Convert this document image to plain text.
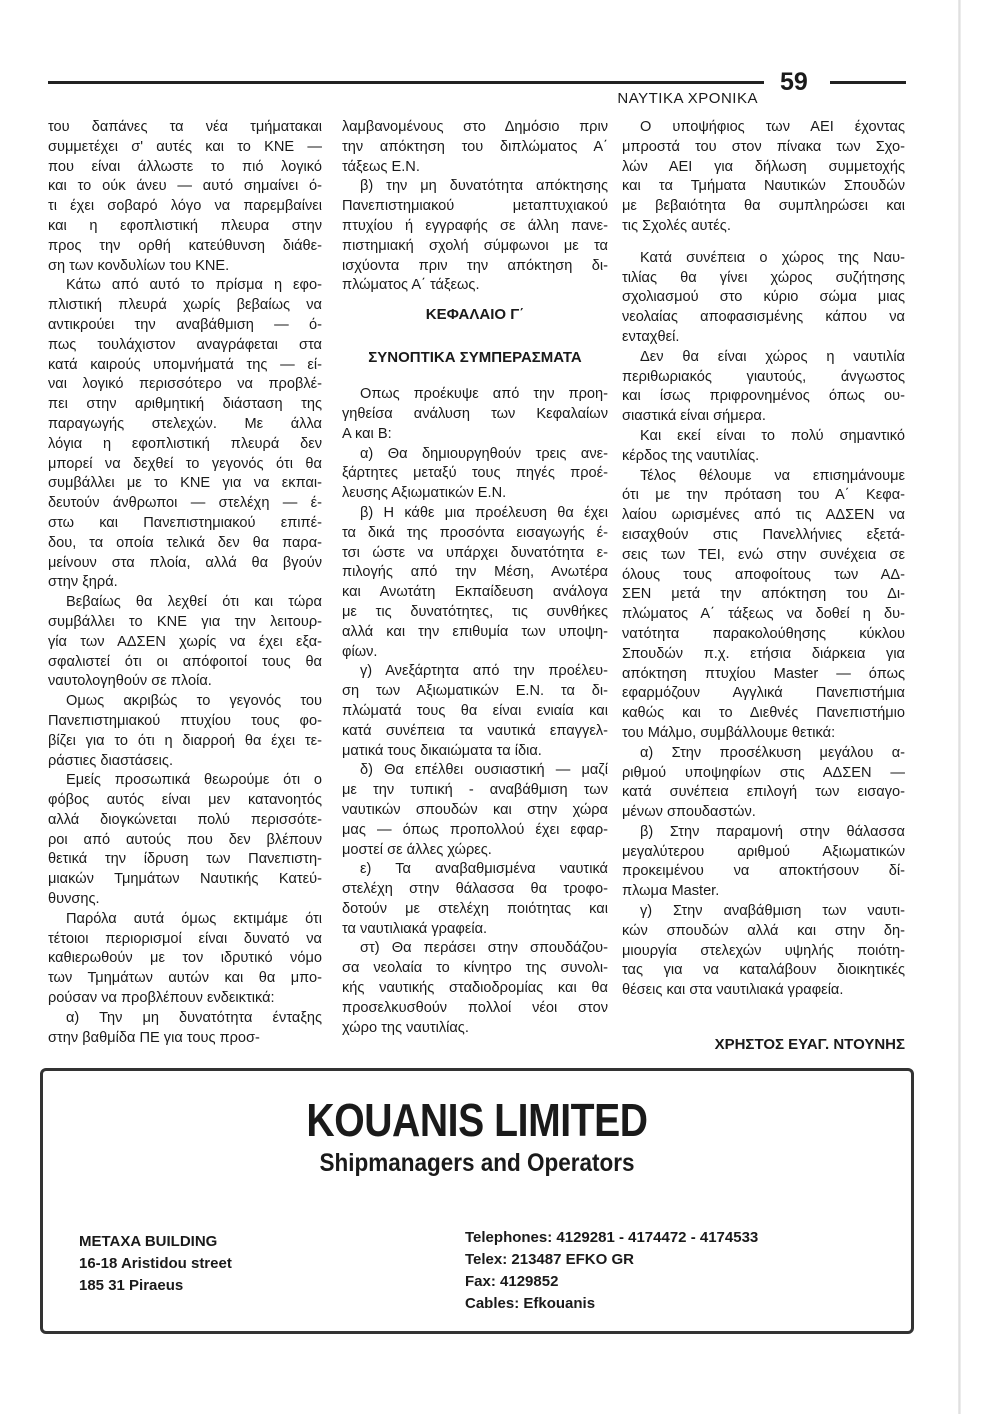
59
ΝΑΥΤΙΚΑ ΧΡΟΝΙΚΑ
του δαπάνες τα νέα τμήματακαι
συμμετέχει σ' αυτές και το ΚΝΕ —
που είναι άλλωστε το πιό λογικό
και το ούκ άνευ — αυτό σημαίνει ό-
τι έχει σοβαρό λόγο να παρεμβαίνει
και η εφοπλιστική πλευρα στην
προς την ορθή κατεύθυνση διάθε-
ση των κονδυλίων του ΚΝΕ.
Κάτω από αυτό το πρίσμα η εφο-
πλιστική πλευρά χωρίς βεβαίως να
αντικρούει την αναβάθμιση — ό-
πως τουλάχιστον αναγράφεται στα
κατά καιρούς υπομνήματά της — εί-
ναι λογικό περισσότερο να προβλέ-
πει στην αριθμητική διάσταση της
παραγωγής στελεχών. Με άλλα
λόγια η εφοπλιστική πλευρά δεν
μπορεί να δεχθεί το γεγονός ότι θα
συμβάλλει με το ΚΝΕ για να εκπαι-
δευτούν άνθρωποι — στελέχη — έ-
στω και Πανεπιστημιακού επιπέ-
δου, τα οποία τελικά δεν θα παρα-
μείνουν στα πλοία, αλλά θα βγούν
στην ξηρά.
Βεβαίως θα λεχθεί ότι και τώρα
συμβάλλει το ΚΝΕ για την λειτουρ-
γία των ΑΔΣΕΝ χωρίς να έχει εξα-
σφαλιστεί ότι οι απόφοιτοί τους θα
ναυτολογηθούν σε πλοία.
Ομως ακριβώς το γεγονός του
Πανεπιστημιακού πτυχίου τους φο-
βίζει για το ότι η διαρροή θα έχει τε-
ράστιες διαστάσεις.
Εμείς προσωπικά θεωρούμε ότι ο
φόβος αυτός είναι μεν κατανοητός
αλλά διογκώνεται πολύ περισσότε-
ροι από αυτούς που δεν βλέπουν
θετικά την ίδρυση των Πανεπιστη-
μιακών Τμημάτων Ναυτικής Κατεύ-
θυνσης.
Παρόλα αυτά όμως εκτιμάμε ότι
τέτοιοι περιορισμοί είναι δυνατό να
καθιερωθούν με τον ιδρυτικό νόμο
των Τμημάτων αυτών και θα μπο-
ρούσαν να προβλέπουν ενδεικτικά:
α) Την μη δυνατότητα ένταξης
στην βαθμίδα ΠΕ για τους προσ-
λαμβανομένους στο Δημόσιο πριν
την απόκτηση του διπλώματος Α΄
τάξεως Ε.Ν.
β) την μη δυνατότητα απόκτησης
Πανεπιστημιακού μεταπτυχιακού
πτυχίου ή εγγραφής σε άλλη πανε-
πιστημιακή σχολή σύμφωνοι με τα
ισχύοντα πριν την απόκτηση δι-
πλώματος Α΄ τάξεως.
ΚΕΦΑΛΑΙΟ Γ΄
ΣΥΝΟΠΤΙΚΑ ΣΥΜΠΕΡΑΣΜΑΤΑ
Οπως προέκυψε από την προη-
γηθείσα ανάλυση των Κεφαλαίων
Α και Β:
α) Θα δημιουργηθούν τρεις ανε-
ξάρτητες μεταξύ τους πηγές προέ-
λευσης Αξιωματικών Ε.Ν.
β) Η κάθε μια προέλευση θα έχει
τα δικά της προσόντα εισαγωγής έ-
τσι ώστε να υπάρχει δυνατότητα ε-
πιλογής από την Μέση, Ανωτέρα
και Ανωτάτη Εκπαίδευση ανάλογα
με τις δυνατότητες, τις συνθήκες
αλλά και την επιθυμία των υποψη-
φίων.
γ) Ανεξάρτητα από την προέλευ-
ση των Αξιωματικών Ε.Ν. τα δι-
πλώματά τους θα είναι ενιαία και
κατά συνέπεια τα ναυτικά επαγγελ-
ματικά τους δικαιώματα τα ίδια.
δ) Θα επέλθει ουσιαστική — μαζί
με την τυπική - αναβάθμιση των
ναυτικών σπουδών και στην χώρα
μας — όπως προπολλού έχει εφαρ-
μοστεί σε άλλες χώρες.
ε) Τα αναβαθμισμένα ναυτικά
στελέχη στην θάλασσα θα τροφο-
δοτούν με στελέχη ποιότητας και
τα ναυτιλιακά γραφεία.
στ) Θα περάσει στην σπουδάζου-
σα νεολαία το κίνητρο της συνολι-
κής ναυτικής σταδιοδρομίας και θα
προσελκυσθούν πολλοί νέοι στον
χώρο της ναυτιλίας.
Ο υποψήφιος των ΑΕΙ έχοντας
μπροστά του στον πίνακα των Σχο-
λών ΑΕΙ για δήλωση συμμετοχής
και τα Τμήματα Ναυτικών Σπουδών
με βεβαιότητα θα συμπληρώσει και
τις Σχολές αυτές.
Κατά συνέπεια ο χώρος της Ναυ-
τιλίας θα γίνει χώρος συζήτησης
σχολιασμού στο κύριο σώμα μιας
νεολαίας αποφασισμένης κάπου να
ενταχθεί.
Δεν θα είναι χώρος η ναυτιλία
περιθωριακός γιαυτούς, άνγωστος
και ίσως πριφρονημένος όπως ου-
σιαστικά είναι σήμερα.
Και εκεί είναι το πολύ σημαντικό
κέρδος της ναυτιλίας.
Τέλος θέλουμε να επισημάνουμε
ότι με την πρόταση του Α΄ Κεφα-
λαίου ωρισμένες από τις ΑΔΣΕΝ να
εισαχθούν στις Πανελλήνιες εξετά-
σεις των ΤΕΙ, ενώ στην συνέχεια σε
όλους τους αποφοίτους των ΑΔ-
ΣΕΝ μετά την απόκτηση του Δι-
πλώματος Α΄ τάξεως να δοθεί η δυ-
νατότητα παρακολούθησης κύκλου
Σπουδών π.χ. ετήσια διάρκεια για
απόκτηση πτυχίου Master — όπως
εφαρμόζουν Αγγλικά Πανεπιστήμια
καθώς και το Διεθνές Πανεπιστήμιο
του Μάλμο, συμβάλλουμε θετικά:
α) Στην προσέλκυση μεγάλου α-
ριθμού υποψηφίων στις ΑΔΣΕΝ —
κατά συνέπεια επιλογή των εισαγο-
μένων σπουδαστών.
β) Στην παραμονή στην θάλασσα
μεγαλύτερου αριθμού Αξιωματικών
προκειμένου να αποκτήσουν δί-
πλωμα Master.
γ) Στην αναβάθμιση των ναυτι-
κών σπουδών αλλά και στην δη-
μιουργία στελεχών υψηλής ποιότη-
τας για να καταλάβουν διοικητικές
θέσεις και στα ναυτιλιακά γραφεία.
ΧΡΗΣΤΟΣ ΕΥΑΓ. ΝΤΟΥΝΗΣ
KOUANIS LIMITED
Shipmanagers and Operators
METAXA BUILDING
16-18 Aristidou street
185 31 Piraeus
Telephones: 4129281 - 4174472 - 4174533
Telex: 213487 EFKO GR
Fax: 4129852
Cables: Efkouanis
